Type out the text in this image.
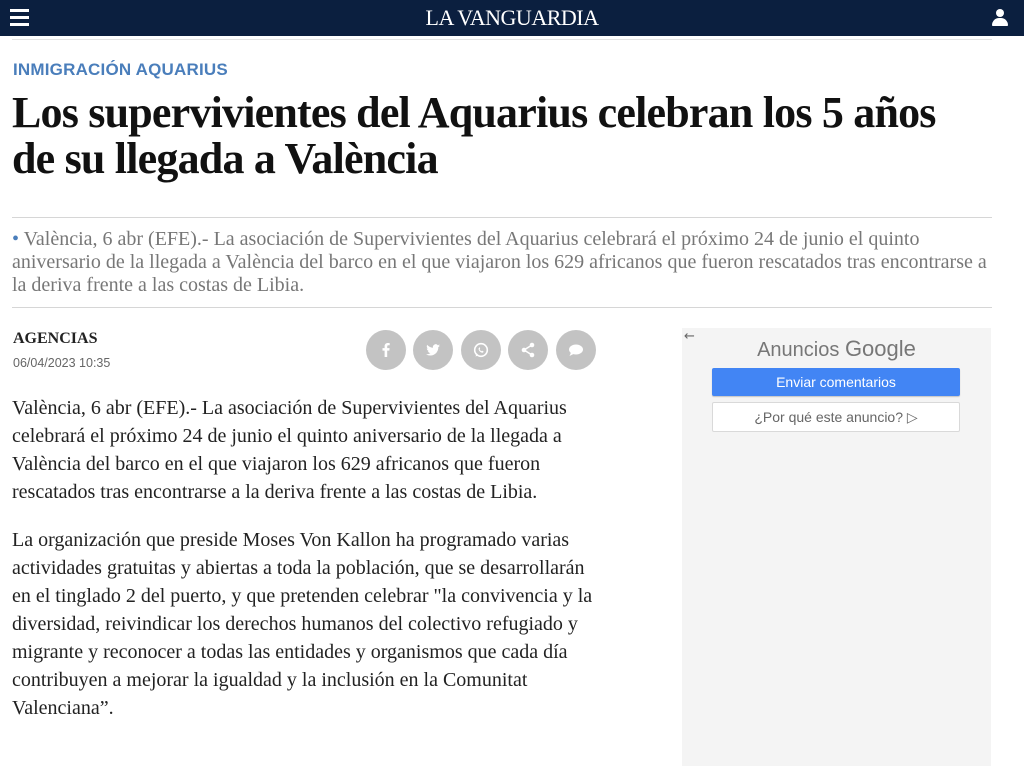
LA VANGUARDIA
INMIGRACIÓN AQUARIUS
Los supervivientes del Aquarius celebran los 5 años de su llegada a València
• València, 6 abr (EFE).- La asociación de Supervivientes del Aquarius celebrará el próximo 24 de junio el quinto aniversario de la llegada a València del barco en el que viajaron los 629 africanos que fueron rescatados tras encontrarse a la deriva frente a las costas de Libia.
AGENCIAS
06/04/2023 10:35

València, 6 abr (EFE).- La asociación de Supervivientes del Aquarius celebrará el próximo 24 de junio el quinto aniversario de la llegada a València del barco en el que viajaron los 629 africanos que fueron rescatados tras encontrarse a la deriva frente a las costas de Libia.

La organización que preside Moses Von Kallon ha programado varias actividades gratuitas y abiertas a toda la población, que se desarrollarán en el tinglado 2 del puerto, y que pretenden celebrar "la convivencia y la diversidad, reivindicar los derechos humanos del colectivo refugiado y migrante y reconocer a todas las entidades y organismos que cada día contribuyen a mejorar la igualdad y la inclusión en la Comunitat Valenciana”.

←
Anuncios Google
Enviar comentarios
¿Por qué este anuncio? ▷
